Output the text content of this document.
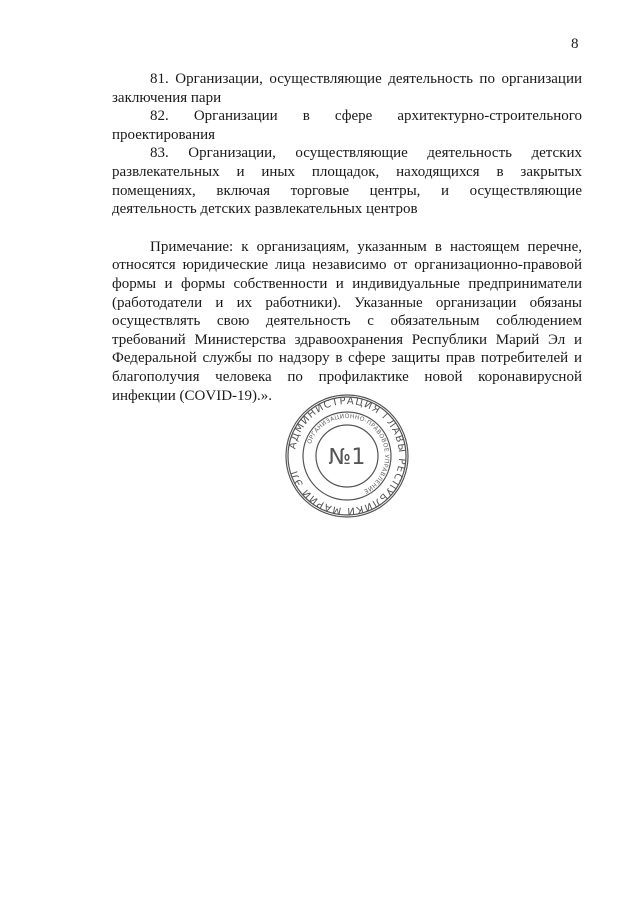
8

81. Организации, осуществляющие деятельность по организации заключения пари

82. Организации в сфере архитектурно-строительного проектирования

83. Организации, осуществляющие деятельность детских развлекательных и иных площадок, находящихся в закрытых помещениях, включая торговые центры, и осуществляющие деятельность детских развлекательных центров

Примечание: к организациям, указанным в настоящем перечне, относятся юридические лица независимо от организационно-правовой формы и формы собственности и индивидуальные предприниматели (работодатели и их работники). Указанные организации обязаны осуществлять свою деятельность с обязательным соблюдением требований Министерства здравоохранения Республики Марий Эл и Федеральной службы по надзору в сфере защиты прав потребителей и благополучия человека по профилактике новой коронавирусной инфекции (COVID-19).».

АДМИНИСТРАЦИЯ ГЛАВЫ РЕСПУБЛИКИ МАРИЙ ЭЛ
ОРГАНИЗАЦИОННО-ПРАВОВОЕ УПРАВЛЕНИЕ
№1
